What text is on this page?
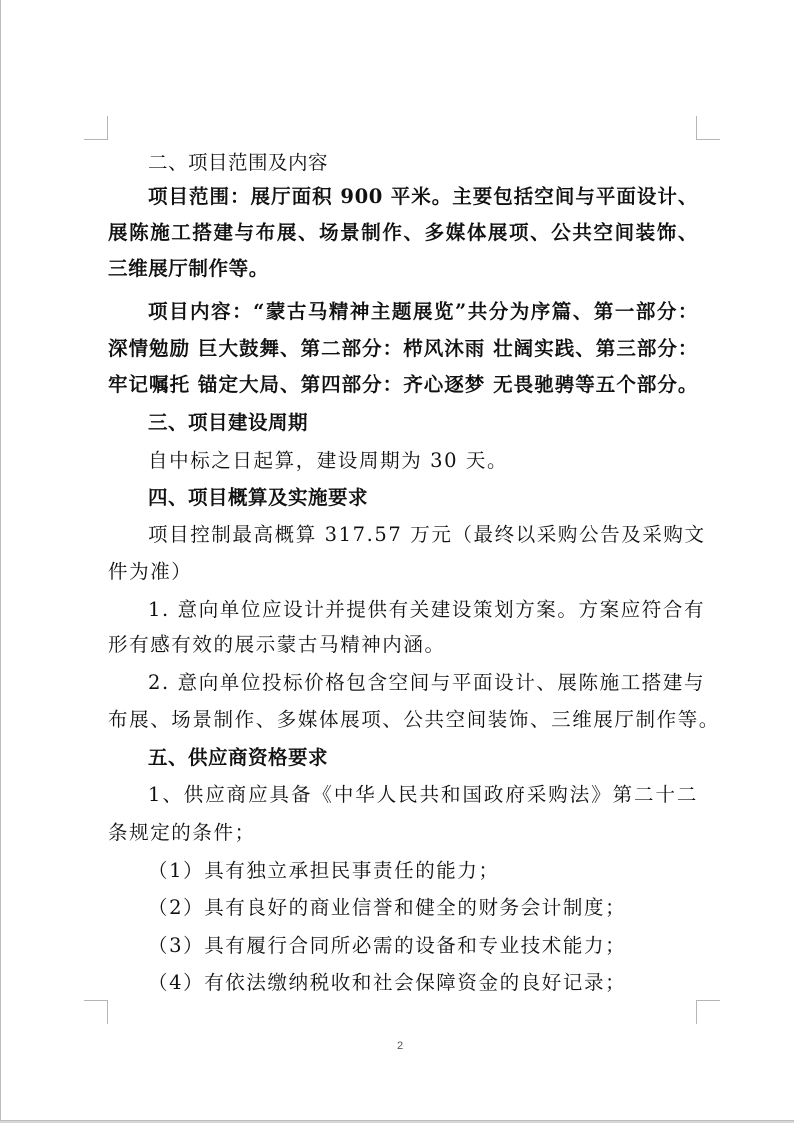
二、项目范围及内容
项目范围：展厅面积 900 平米。主要包括空间与平面设计、
展陈施工搭建与布展、场景制作、多媒体展项、公共空间装饰、
三维展厅制作等。
项目内容：“蒙古马精神主题展览”共分为序篇、第一部分：
深情勉励 巨大鼓舞、第二部分：栉风沐雨 壮阔实践、第三部分：
牢记嘱托 锚定大局、第四部分：齐心逐梦 无畏驰骋等五个部分。
三、项目建设周期
自中标之日起算，建设周期为 30 天。
四、项目概算及实施要求
项目控制最高概算 317.57 万元（最终以采购公告及采购文
件为准）
1. 意向单位应设计并提供有关建设策划方案。方案应符合有
形有感有效的展示蒙古马精神内涵。
2. 意向单位投标价格包含空间与平面设计、展陈施工搭建与
布展、场景制作、多媒体展项、公共空间装饰、三维展厅制作等。
五、供应商资格要求
1、供应商应具备《中华人民共和国政府采购法》第二十二
条规定的条件；
（1）具有独立承担民事责任的能力；
（2）具有良好的商业信誉和健全的财务会计制度；
（3）具有履行合同所必需的设备和专业技术能力；
（4）有依法缴纳税收和社会保障资金的良好记录；
2
